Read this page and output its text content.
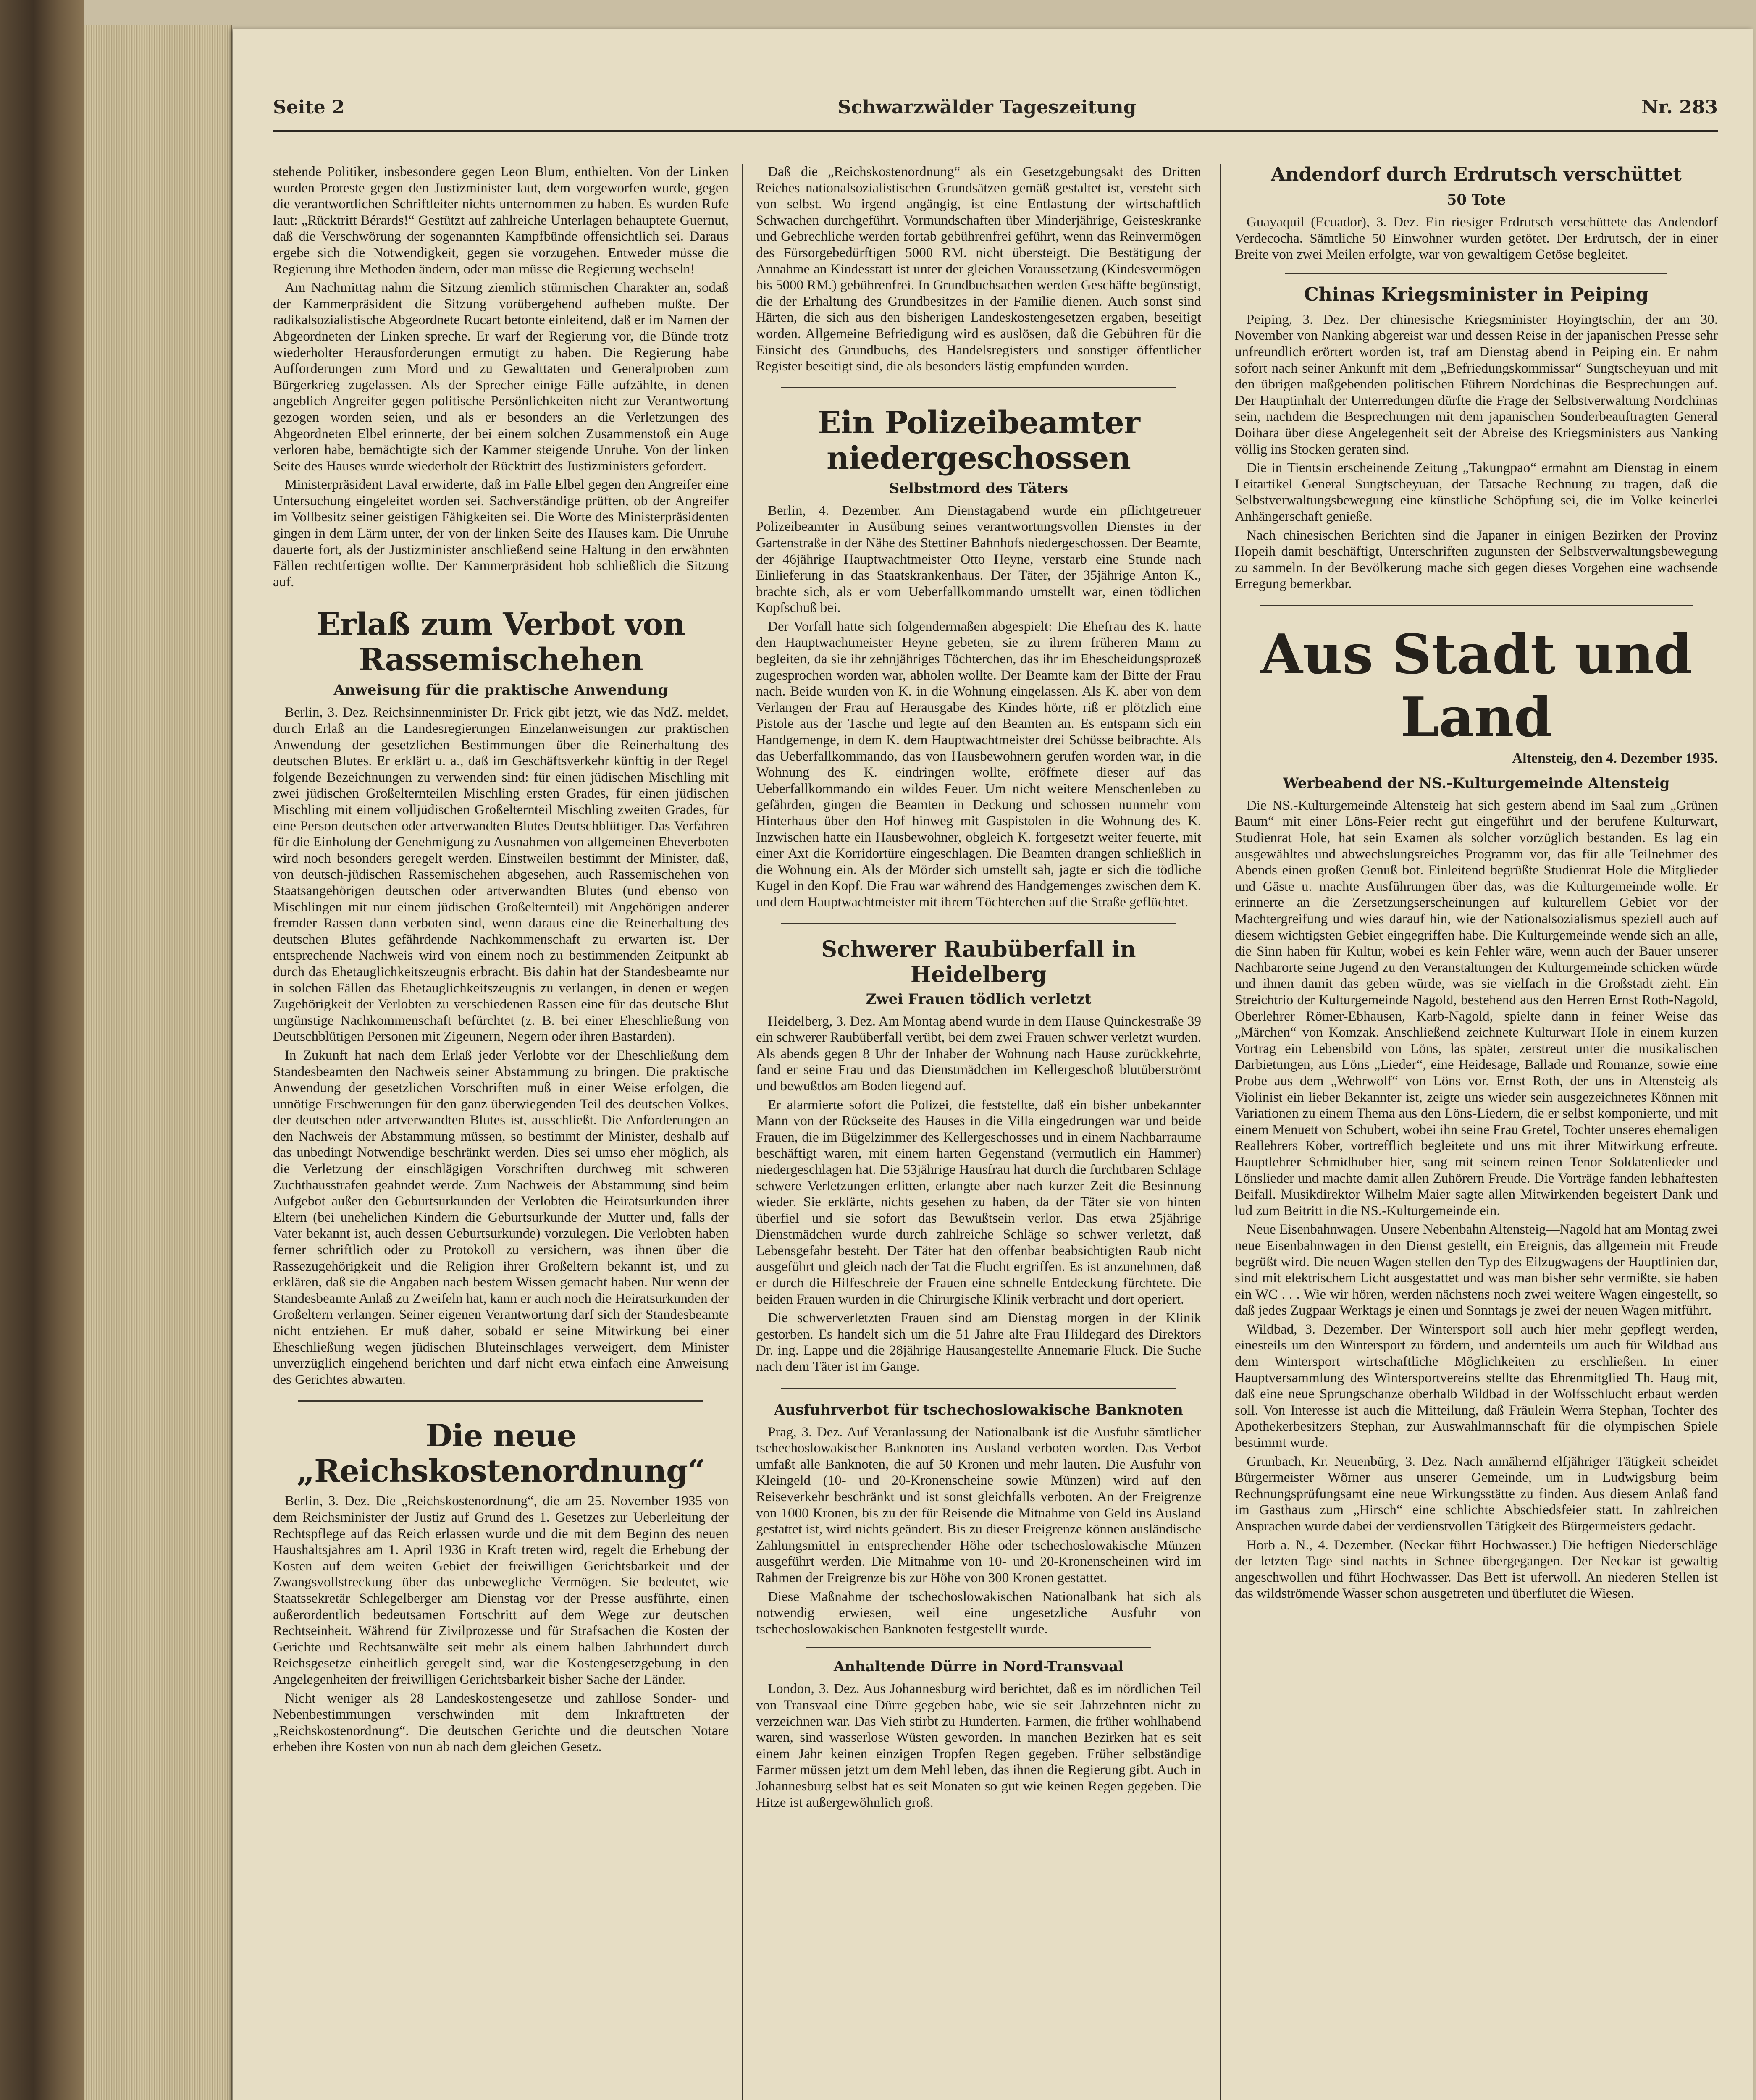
Seite 2	Schwarzwälder Tageszeitung	Nr. 283

stehende Politiker, insbesondere gegen Leon Blum, enthielten. Von der Linken wurden Proteste gegen den Justizminister laut, dem vorgeworfen wurde, gegen die verantwortlichen Schriftleiter nichts unternommen zu haben. Es wurden Rufe laut: „Rücktritt Bérards!“ Gestützt auf zahlreiche Unterlagen behauptete Guernut, daß die Verschwörung der sogenannten Kampfbünde offensichtlich sei. Daraus ergebe sich die Notwendigkeit, gegen sie vorzugehen. Entweder müsse die Regierung ihre Methoden ändern, oder man müsse die Regierung wechseln!

Am Nachmittag nahm die Sitzung ziemlich stürmischen Charakter an, sodaß der Kammerpräsident die Sitzung vorübergehend aufheben mußte. Der radikalsozialistische Abgeordnete Rucart betonte einleitend, daß er im Namen der Abgeordneten der Linken spreche. Er warf der Regierung vor, die Bünde trotz wiederholter Herausforderungen ermutigt zu haben. Die Regierung habe Aufforderungen zum Mord und zu Gewalttaten und Generalproben zum Bürgerkrieg zugelassen. Als der Sprecher einige Fälle aufzählte, in denen angeblich Angreifer gegen politische Persönlichkeiten nicht zur Verantwortung gezogen worden seien, und als er besonders an die Verletzungen des Abgeordneten Elbel erinnerte, der bei einem solchen Zusammenstoß ein Auge verloren habe, bemächtigte sich der Kammer steigende Unruhe. Von der linken Seite des Hauses wurde wiederholt der Rücktritt des Justizministers gefordert.

Ministerpräsident Laval erwiderte, daß im Falle Elbel gegen den Angreifer eine Untersuchung eingeleitet worden sei. Sachverständige prüften, ob der Angreifer im Vollbesitz seiner geistigen Fähigkeiten sei. Die Worte des Ministerpräsidenten gingen in dem Lärm unter, der von der linken Seite des Hauses kam. Die Unruhe dauerte fort, als der Justizminister anschließend seine Haltung in den erwähnten Fällen rechtfertigen wollte. Der Kammerpräsident hob schließlich die Sitzung auf.

Erlaß zum Verbot von Rassemischehen
Anweisung für die praktische Anwendung

Berlin, 3. Dez. Reichsinnenminister Dr. Frick gibt jetzt, wie das NdZ. meldet, durch Erlaß an die Landesregierungen Einzelanweisungen zur praktischen Anwendung der gesetzlichen Bestimmungen über die Reinerhaltung des deutschen Blutes. Er erklärt u. a., daß im Geschäftsverkehr künftig in der Regel folgende Bezeichnungen zu verwenden sind: für einen jüdischen Mischling mit zwei jüdischen Großelternteilen Mischling ersten Grades, für einen jüdischen Mischling mit einem volljüdischen Großelternteil Mischling zweiten Grades, für eine Person deutschen oder artverwandten Blutes Deutschblütiger. Das Verfahren für die Einholung der Genehmigung zu Ausnahmen von allgemeinen Eheverboten wird noch besonders geregelt werden. Einstweilen bestimmt der Minister, daß, von deutsch-jüdischen Rassemischehen abgesehen, auch Rassemischehen von Staatsangehörigen deutschen oder artverwandten Blutes (und ebenso von Mischlingen mit nur einem jüdischen Großelternteil) mit Angehörigen anderer fremder Rassen dann verboten sind, wenn daraus eine die Reinerhaltung des deutschen Blutes gefährdende Nachkommenschaft zu erwarten ist. Der entsprechende Nachweis wird von einem noch zu bestimmenden Zeitpunkt ab durch das Ehetauglichkeitszeugnis erbracht. Bis dahin hat der Standesbeamte nur in solchen Fällen das Ehetauglichkeitszeugnis zu verlangen, in denen er wegen Zugehörigkeit der Verlobten zu verschiedenen Rassen eine für das deutsche Blut ungünstige Nachkommenschaft befürchtet (z. B. bei einer Eheschließung von Deutschblütigen Personen mit Zigeunern, Negern oder ihren Bastarden).

In Zukunft hat nach dem Erlaß jeder Verlobte vor der Eheschließung dem Standesbeamten den Nachweis seiner Abstammung zu bringen. Die praktische Anwendung der gesetzlichen Vorschriften muß in einer Weise erfolgen, die unnötige Erschwerungen für den ganz überwiegenden Teil des deutschen Volkes, der deutschen oder artverwandten Blutes ist, ausschließt. Die Anforderungen an den Nachweis der Abstammung müssen, so bestimmt der Minister, deshalb auf das unbedingt Notwendige beschränkt werden. Dies sei umso eher möglich, als die Verletzung der einschlägigen Vorschriften durchweg mit schweren Zuchthausstrafen geahndet werde. Zum Nachweis der Abstammung sind beim Aufgebot außer den Geburtsurkunden der Verlobten die Heiratsurkunden ihrer Eltern (bei unehelichen Kindern die Geburtsurkunde der Mutter und, falls der Vater bekannt ist, auch dessen Geburtsurkunde) vorzulegen. Die Verlobten haben ferner schriftlich oder zu Protokoll zu versichern, was ihnen über die Rassezugehörigkeit und die Religion ihrer Großeltern bekannt ist, und zu erklären, daß sie die Angaben nach bestem Wissen gemacht haben. Nur wenn der Standesbeamte Anlaß zu Zweifeln hat, kann er auch noch die Heiratsurkunden der Großeltern verlangen. Seiner eigenen Verantwortung darf sich der Standesbeamte nicht entziehen. Er muß daher, sobald er seine Mitwirkung bei einer Eheschließung wegen jüdischen Bluteinschlages verweigert, dem Minister unverzüglich eingehend berichten und darf nicht etwa einfach eine Anweisung des Gerichtes abwarten.

Die neue „Reichskostenordnung“

Berlin, 3. Dez. Die „Reichskostenordnung“, die am 25. November 1935 von dem Reichsminister der Justiz auf Grund des 1. Gesetzes zur Ueberleitung der Rechtspflege auf das Reich erlassen wurde und die mit dem Beginn des neuen Haushaltsjahres am 1. April 1936 in Kraft treten wird, regelt die Erhebung der Kosten auf dem weiten Gebiet der freiwilligen Gerichtsbarkeit und der Zwangsvollstreckung über das unbewegliche Vermögen. Sie bedeutet, wie Staatssekretär Schlegelberger am Dienstag vor der Presse ausführte, einen außerordentlich bedeutsamen Fortschritt auf dem Wege zur deutschen Rechtseinheit. Während für Zivilprozesse und für Strafsachen die Kosten der Gerichte und Rechtsanwälte seit mehr als einem halben Jahrhundert durch Reichsgesetze einheitlich geregelt sind, war die Kostengesetzgebung in den Angelegenheiten der freiwilligen Gerichtsbarkeit bisher Sache der Länder.

Nicht weniger als 28 Landeskostengesetze und zahllose Sonder- und Nebenbestimmungen verschwinden mit dem Inkrafttreten der „Reichskostenordnung“. Die deutschen Gerichte und die deutschen Notare erheben ihre Kosten von nun ab nach dem gleichen Gesetz.

Daß die „Reichskostenordnung“ als ein Gesetzgebungsakt des Dritten Reiches nationalsozialistischen Grundsätzen gemäß gestaltet ist, versteht sich von selbst. Wo irgend angängig, ist eine Entlastung der wirtschaftlich Schwachen durchgeführt. Vormundschaften über Minderjährige, Geisteskranke und Gebrechliche werden fortab gebührenfrei geführt, wenn das Reinvermögen des Fürsorgebedürftigen 5000 RM. nicht übersteigt. Die Bestätigung der Annahme an Kindesstatt ist unter der gleichen Voraussetzung (Kindesvermögen bis 5000 RM.) gebührenfrei. In Grundbuchsachen werden Geschäfte begünstigt, die der Erhaltung des Grundbesitzes in der Familie dienen. Auch sonst sind Härten, die sich aus den bisherigen Landeskostengesetzen ergaben, beseitigt worden. Allgemeine Befriedigung wird es auslösen, daß die Gebühren für die Einsicht des Grundbuchs, des Handelsregisters und sonstiger öffentlicher Register beseitigt sind, die als besonders lästig empfunden wurden.

Ein Polizeibeamter niedergeschossen
Selbstmord des Täters

Berlin, 4. Dezember. Am Dienstagabend wurde ein pflichtgetreuer Polizeibeamter in Ausübung seines verantwortungsvollen Dienstes in der Gartenstraße in der Nähe des Stettiner Bahnhofs niedergeschossen. Der Beamte, der 46jährige Hauptwachtmeister Otto Heyne, verstarb eine Stunde nach Einlieferung in das Staatskrankenhaus. Der Täter, der 35jährige Anton K., brachte sich, als er vom Ueberfallkommando umstellt war, einen tödlichen Kopfschuß bei.

Der Vorfall hatte sich folgendermaßen abgespielt: Die Ehefrau des K. hatte den Hauptwachtmeister Heyne gebeten, sie zu ihrem früheren Mann zu begleiten, da sie ihr zehnjähriges Töchterchen, das ihr im Ehescheidungsprozeß zugesprochen worden war, abholen wollte. Der Beamte kam der Bitte der Frau nach. Beide wurden von K. in die Wohnung eingelassen. Als K. aber von dem Verlangen der Frau auf Herausgabe des Kindes hörte, riß er plötzlich eine Pistole aus der Tasche und legte auf den Beamten an. Es entspann sich ein Handgemenge, in dem K. dem Hauptwachtmeister drei Schüsse beibrachte. Als das Ueberfallkommando, das von Hausbewohnern gerufen worden war, in die Wohnung des K. eindringen wollte, eröffnete dieser auf das Ueberfallkommando ein wildes Feuer. Um nicht weitere Menschenleben zu gefährden, gingen die Beamten in Deckung und schossen nunmehr vom Hinterhaus über den Hof hinweg mit Gaspistolen in die Wohnung des K. Inzwischen hatte ein Hausbewohner, obgleich K. fortgesetzt weiter feuerte, mit einer Axt die Korridortüre eingeschlagen. Die Beamten drangen schließlich in die Wohnung ein. Als der Mörder sich umstellt sah, jagte er sich die tödliche Kugel in den Kopf. Die Frau war während des Handgemenges zwischen dem K. und dem Hauptwachtmeister mit ihrem Töchterchen auf die Straße geflüchtet.

Schwerer Raubüberfall in Heidelberg
Zwei Frauen tödlich verletzt

Heidelberg, 3. Dez. Am Montag abend wurde in dem Hause Quinckestraße 39 ein schwerer Raubüberfall verübt, bei dem zwei Frauen schwer verletzt wurden. Als abends gegen 8 Uhr der Inhaber der Wohnung nach Hause zurückkehrte, fand er seine Frau und das Dienstmädchen im Kellergeschoß blutüberströmt und bewußtlos am Boden liegend auf.

Er alarmierte sofort die Polizei, die feststellte, daß ein bisher unbekannter Mann von der Rückseite des Hauses in die Villa eingedrungen war und beide Frauen, die im Bügelzimmer des Kellergeschosses und in einem Nachbarraume beschäftigt waren, mit einem harten Gegenstand (vermutlich ein Hammer) niedergeschlagen hat. Die 53jährige Hausfrau hat durch die furchtbaren Schläge schwere Verletzungen erlitten, erlangte aber nach kurzer Zeit die Besinnung wieder. Sie erklärte, nichts gesehen zu haben, da der Täter sie von hinten überfiel und sie sofort das Bewußtsein verlor. Das etwa 25jährige Dienstmädchen wurde durch zahlreiche Schläge so schwer verletzt, daß Lebensgefahr besteht. Der Täter hat den offenbar beabsichtigten Raub nicht ausgeführt und gleich nach der Tat die Flucht ergriffen. Es ist anzunehmen, daß er durch die Hilfeschreie der Frauen eine schnelle Entdeckung fürchtete. Die beiden Frauen wurden in die Chirurgische Klinik verbracht und dort operiert.

Die schwerverletzten Frauen sind am Dienstag morgen in der Klinik gestorben. Es handelt sich um die 51 Jahre alte Frau Hildegard des Direktors Dr. ing. Lappe und die 28jährige Hausangestellte Annemarie Fluck. Die Suche nach dem Täter ist im Gange.

Ausfuhrverbot für tschechoslowakische Banknoten

Prag, 3. Dez. Auf Veranlassung der Nationalbank ist die Ausfuhr sämtlicher tschechoslowakischer Banknoten ins Ausland verboten worden. Das Verbot umfaßt alle Banknoten, die auf 50 Kronen und mehr lauten. Die Ausfuhr von Kleingeld (10- und 20-Kronenscheine sowie Münzen) wird auf den Reiseverkehr beschränkt und ist sonst gleichfalls verboten. An der Freigrenze von 1000 Kronen, bis zu der für Reisende die Mitnahme von Geld ins Ausland gestattet ist, wird nichts geändert. Bis zu dieser Freigrenze können ausländische Zahlungsmittel in entsprechender Höhe oder tschechoslowakische Münzen ausgeführt werden. Die Mitnahme von 10- und 20-Kronenscheinen wird im Rahmen der Freigrenze bis zur Höhe von 300 Kronen gestattet.

Diese Maßnahme der tschechoslowakischen Nationalbank hat sich als notwendig erwiesen, weil eine ungesetzliche Ausfuhr von tschechoslowakischen Banknoten festgestellt wurde.

Anhaltende Dürre in Nord-Transvaal

London, 3. Dez. Aus Johannesburg wird berichtet, daß es im nördlichen Teil von Transvaal eine Dürre gegeben habe, wie sie seit Jahrzehnten nicht zu verzeichnen war. Das Vieh stirbt zu Hunderten. Farmen, die früher wohlhabend waren, sind wasserlose Wüsten geworden. In manchen Bezirken hat es seit einem Jahr keinen einzigen Tropfen Regen gegeben. Früher selbständige Farmer müssen jetzt um dem Mehl leben, das ihnen die Regierung gibt. Auch in Johannesburg selbst hat es seit Monaten so gut wie keinen Regen gegeben. Die Hitze ist außergewöhnlich groß.

Andendorf durch Erdrutsch verschüttet
50 Tote

Guayaquil (Ecuador), 3. Dez. Ein riesiger Erdrutsch verschüttete das Andendorf Verdecocha. Sämtliche 50 Einwohner wurden getötet. Der Erdrutsch, der in einer Breite von zwei Meilen erfolgte, war von gewaltigem Getöse begleitet.

Chinas Kriegsminister in Peiping

Peiping, 3. Dez. Der chinesische Kriegsminister Hoyingtschin, der am 30. November von Nanking abgereist war und dessen Reise in der japanischen Presse sehr unfreundlich erörtert worden ist, traf am Dienstag abend in Peiping ein. Er nahm sofort nach seiner Ankunft mit dem „Befriedungskommissar“ Sungtscheyuan und mit den übrigen maßgebenden politischen Führern Nordchinas die Besprechungen auf. Der Hauptinhalt der Unterredungen dürfte die Frage der Selbstverwaltung Nordchinas sein, nachdem die Besprechungen mit dem japanischen Sonderbeauftragten General Doihara über diese Angelegenheit seit der Abreise des Kriegsministers aus Nanking völlig ins Stocken geraten sind.

Die in Tientsin erscheinende Zeitung „Takungpao“ ermahnt am Dienstag in einem Leitartikel General Sungtscheyuan, der Tatsache Rechnung zu tragen, daß die Selbstverwaltungsbewegung eine künstliche Schöpfung sei, die im Volke keinerlei Anhängerschaft genieße.

Nach chinesischen Berichten sind die Japaner in einigen Bezirken der Provinz Hopeih damit beschäftigt, Unterschriften zugunsten der Selbstverwaltungsbewegung zu sammeln. In der Bevölkerung mache sich gegen dieses Vorgehen eine wachsende Erregung bemerkbar.

Aus Stadt und Land
Altensteig, den 4. Dezember 1935.
Werbeabend der NS.-Kulturgemeinde Altensteig

Die NS.-Kulturgemeinde Altensteig hat sich gestern abend im Saal zum „Grünen Baum“ mit einer Löns-Feier recht gut eingeführt und der berufene Kulturwart, Studienrat Hole, hat sein Examen als solcher vorzüglich bestanden. Es lag ein ausgewähltes und abwechslungsreiches Programm vor, das für alle Teilnehmer des Abends einen großen Genuß bot. Einleitend begrüßte Studienrat Hole die Mitglieder und Gäste u. machte Ausführungen über das, was die Kulturgemeinde wolle. Er erinnerte an die Zersetzungserscheinungen auf kulturellem Gebiet vor der Machtergreifung und wies darauf hin, wie der Nationalsozialismus speziell auch auf diesem wichtigsten Gebiet eingegriffen habe. Die Kulturgemeinde wende sich an alle, die Sinn haben für Kultur, wobei es kein Fehler wäre, wenn auch der Bauer unserer Nachbarorte seine Jugend zu den Veranstaltungen der Kulturgemeinde schicken würde und ihnen damit das geben würde, was sie vielfach in die Großstadt zieht. Ein Streichtrio der Kulturgemeinde Nagold, bestehend aus den Herren Ernst Roth-Nagold, Oberlehrer Römer-Ebhausen, Karb-Nagold, spielte dann in feiner Weise das „Märchen“ von Komzak. Anschließend zeichnete Kulturwart Hole in einem kurzen Vortrag ein Lebensbild von Löns, las später, zerstreut unter die musikalischen Darbietungen, aus Löns „Lieder“, eine Heidesage, Ballade und Romanze, sowie eine Probe aus dem „Wehrwolf“ von Löns vor. Ernst Roth, der uns in Altensteig als Violinist ein lieber Bekannter ist, zeigte uns wieder sein ausgezeichnetes Können mit Variationen zu einem Thema aus den Löns-Liedern, die er selbst komponierte, und mit einem Menuett von Schubert, wobei ihn seine Frau Gretel, Tochter unseres ehemaligen Reallehrers Köber, vortrefflich begleitete und uns mit ihrer Mitwirkung erfreute. Hauptlehrer Schmidhuber hier, sang mit seinem reinen Tenor Soldatenlieder und Lönslieder und machte damit allen Zuhörern Freude. Die Vorträge fanden lebhaftesten Beifall. Musikdirektor Wilhelm Maier sagte allen Mitwirkenden begeistert Dank und lud zum Beitritt in die NS.-Kulturgemeinde ein.

Neue Eisenbahnwagen. Unsere Nebenbahn Altensteig—Nagold hat am Montag zwei neue Eisenbahnwagen in den Dienst gestellt, ein Ereignis, das allgemein mit Freude begrüßt wird. Die neuen Wagen stellen den Typ des Eilzugwagens der Hauptlinien dar, sind mit elektrischem Licht ausgestattet und was man bisher sehr vermißte, sie haben ein WC . . . Wie wir hören, werden nächstens noch zwei weitere Wagen eingestellt, so daß jedes Zugpaar Werktags je einen und Sonntags je zwei der neuen Wagen mitführt.

Wildbad, 3. Dezember. Der Wintersport soll auch hier mehr gepflegt werden, einesteils um den Wintersport zu fördern, und andernteils um auch für Wildbad aus dem Wintersport wirtschaftliche Möglichkeiten zu erschließen. In einer Hauptversammlung des Wintersportvereins stellte das Ehrenmitglied Th. Haug mit, daß eine neue Sprungschanze oberhalb Wildbad in der Wolfsschlucht erbaut werden soll. Von Interesse ist auch die Mitteilung, daß Fräulein Werra Stephan, Tochter des Apothekerbesitzers Stephan, zur Auswahlmannschaft für die olympischen Spiele bestimmt wurde.

Grunbach, Kr. Neuenbürg, 3. Dez. Nach annähernd elfjähriger Tätigkeit scheidet Bürgermeister Wörner aus unserer Gemeinde, um in Ludwigsburg beim Rechnungsprüfungsamt eine neue Wirkungsstätte zu finden. Aus diesem Anlaß fand im Gasthaus zum „Hirsch“ eine schlichte Abschiedsfeier statt. In zahlreichen Ansprachen wurde dabei der verdienstvollen Tätigkeit des Bürgermeisters gedacht.

Horb a. N., 4. Dezember. (Neckar führt Hochwasser.) Die heftigen Niederschläge der letzten Tage sind nachts in Schnee übergegangen. Der Neckar ist gewaltig angeschwollen und führt Hochwasser. Das Bett ist uferwoll. An niederen Stellen ist das wildströmende Wasser schon ausgetreten und überflutet die Wiesen.
